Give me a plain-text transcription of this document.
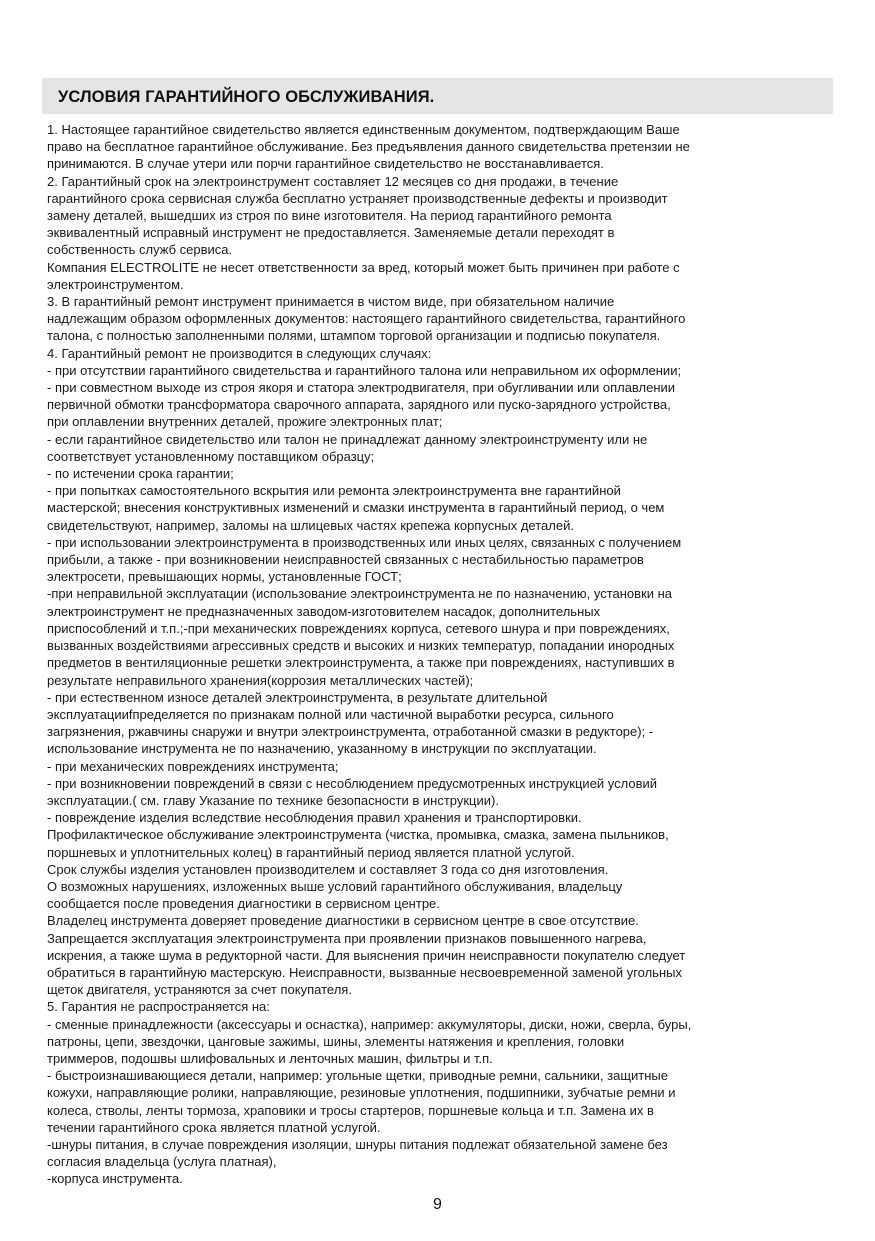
УСЛОВИЯ ГАРАНТИЙНОГО ОБСЛУЖИВАНИЯ.
1. Настоящее гарантийное свидетельство является единственным документом, подтверждающим Ваше
право на бесплатное гарантийное обслуживание. Без предъявления данного свидетельства претензии не
принимаются. В случае утери или порчи гарантийное свидетельство не восстанавливается.
2. Гарантийный срок на электроинструмент составляет 12 месяцев со дня продажи, в течение
гарантийного срока сервисная служба бесплатно устраняет производственные дефекты и производит
замену деталей, вышедших из строя по вине изготовителя. На период гарантийного ремонта
эквивалентный исправный инструмент не предоставляется. Заменяемые детали переходят в
собственность служб сервиса.
Компания ELECTROLITE не несет ответственности за вред, который может быть причинен при работе с
электроинструментом.
3. В гарантийный ремонт инструмент принимается в чистом виде, при обязательном наличие
надлежащим образом оформленных документов: настоящего гарантийного свидетельства, гарантийного
талона, с полностью заполненными полями, штампом торговой организации и подписью покупателя.
4. Гарантийный ремонт не производится в следующих случаях:
- при отсутствии гарантийного свидетельства и гарантийного талона или неправильном их оформлении;
- при совместном выходе из строя якоря и статора электродвигателя, при обугливании или оплавлении
первичной обмотки трансформатора сварочного аппарата, зарядного или пуско-зарядного устройства,
при оплавлении внутренних деталей, прожиге электронных плат;
- если гарантийное свидетельство или талон не принадлежат данному электроинструменту или не
соответствует установленному поставщиком образцу;
- по истечении срока гарантии;
- при попытках самостоятельного вскрытия или ремонта электроинструмента вне гарантийной
мастерской; внесения конструктивных изменений и смазки инструмента в гарантийный период, о чем
свидетельствуют, например, заломы на шлицевых частях крепежа корпусных деталей.
- при использовании электроинструмента в производственных или иных целях, связанных с получением
прибыли, а также - при возникновении неисправностей связанных с нестабильностью параметров
электросети, превышающих нормы, установленные ГОСТ;
-при неправильной эксплуатации (использование электроинструмента не по назначению, установки на
электроинструмент не предназначенных заводом-изготовителем насадок, дополнительных
приспособлений и т.п.;-при механических повреждениях корпуса, сетевого шнура и при повреждениях,
вызванных воздействиями агрессивных средств и высоких и низких температур, попадании инородных
предметов в вентиляционные решетки электроинструмента, а также при повреждениях, наступивших в
результате неправильного хранения(коррозия металлических частей);
- при естественном износе деталей электроинструмента, в результате длительной
эксплуатацииfпределяется по признакам полной или частичной выработки ресурса, сильного
загрязнения, ржавчины снаружи и внутри электроинструмента, отработанной смазки в редукторе); -
использование инструмента не по назначению, указанному в инструкции по эксплуатации.
- при механических повреждениях инструмента;
- при возникновении повреждений в связи с несоблюдением предусмотренных инструкцией условий
эксплуатации.( см. главу Указание по технике безопасности в инструкции).
- повреждение изделия вследствие несоблюдения правил хранения и транспортировки.
Профилактическое обслуживание электроинструмента (чистка, промывка, смазка, замена пыльников,
поршневых и уплотнительных колец) в гарантийный период является платной услугой.
Срок службы изделия установлен производителем и составляет 3 года со дня изготовления.
О возможных нарушениях, изложенных выше условий гарантийного обслуживания, владельцу
сообщается после проведения диагностики в сервисном центре.
Владелец инструмента доверяет проведение диагностики в сервисном центре в свое отсутствие.
Запрещается эксплуатация электроинструмента при проявлении признаков повышенного нагрева,
искрения, а также шума в редукторной части. Для выяснения причин неисправности покупателю следует
обратиться в гарантийную мастерскую. Неисправности, вызванные несвоевременной заменой угольных
щеток двигателя, устраняются за счет покупателя.
5. Гарантия не распространяется на:
- сменные принадлежности (аксессуары и оснастка), например: аккумуляторы, диски, ножи, сверла, буры,
патроны, цепи, звездочки, цанговые зажимы, шины, элементы натяжения и крепления, головки
триммеров, подошвы шлифовальных и ленточных машин, фильтры и т.п.
- быстроизнашивающиеся детали, например: угольные щетки, приводные ремни, сальники, защитные
кожухи, направляющие ролики, направляющие, резиновые уплотнения, подшипники, зубчатые ремни и
колеса, стволы, ленты тормоза, храповики и тросы стартеров, поршневые кольца и т.п. Замена их в
течении гарантийного срока является платной услугой.
-шнуры питания, в случае повреждения изоляции, шнуры питания подлежат обязательной замене без
согласия владельца (услуга платная),
-корпуса инструмента.
9
